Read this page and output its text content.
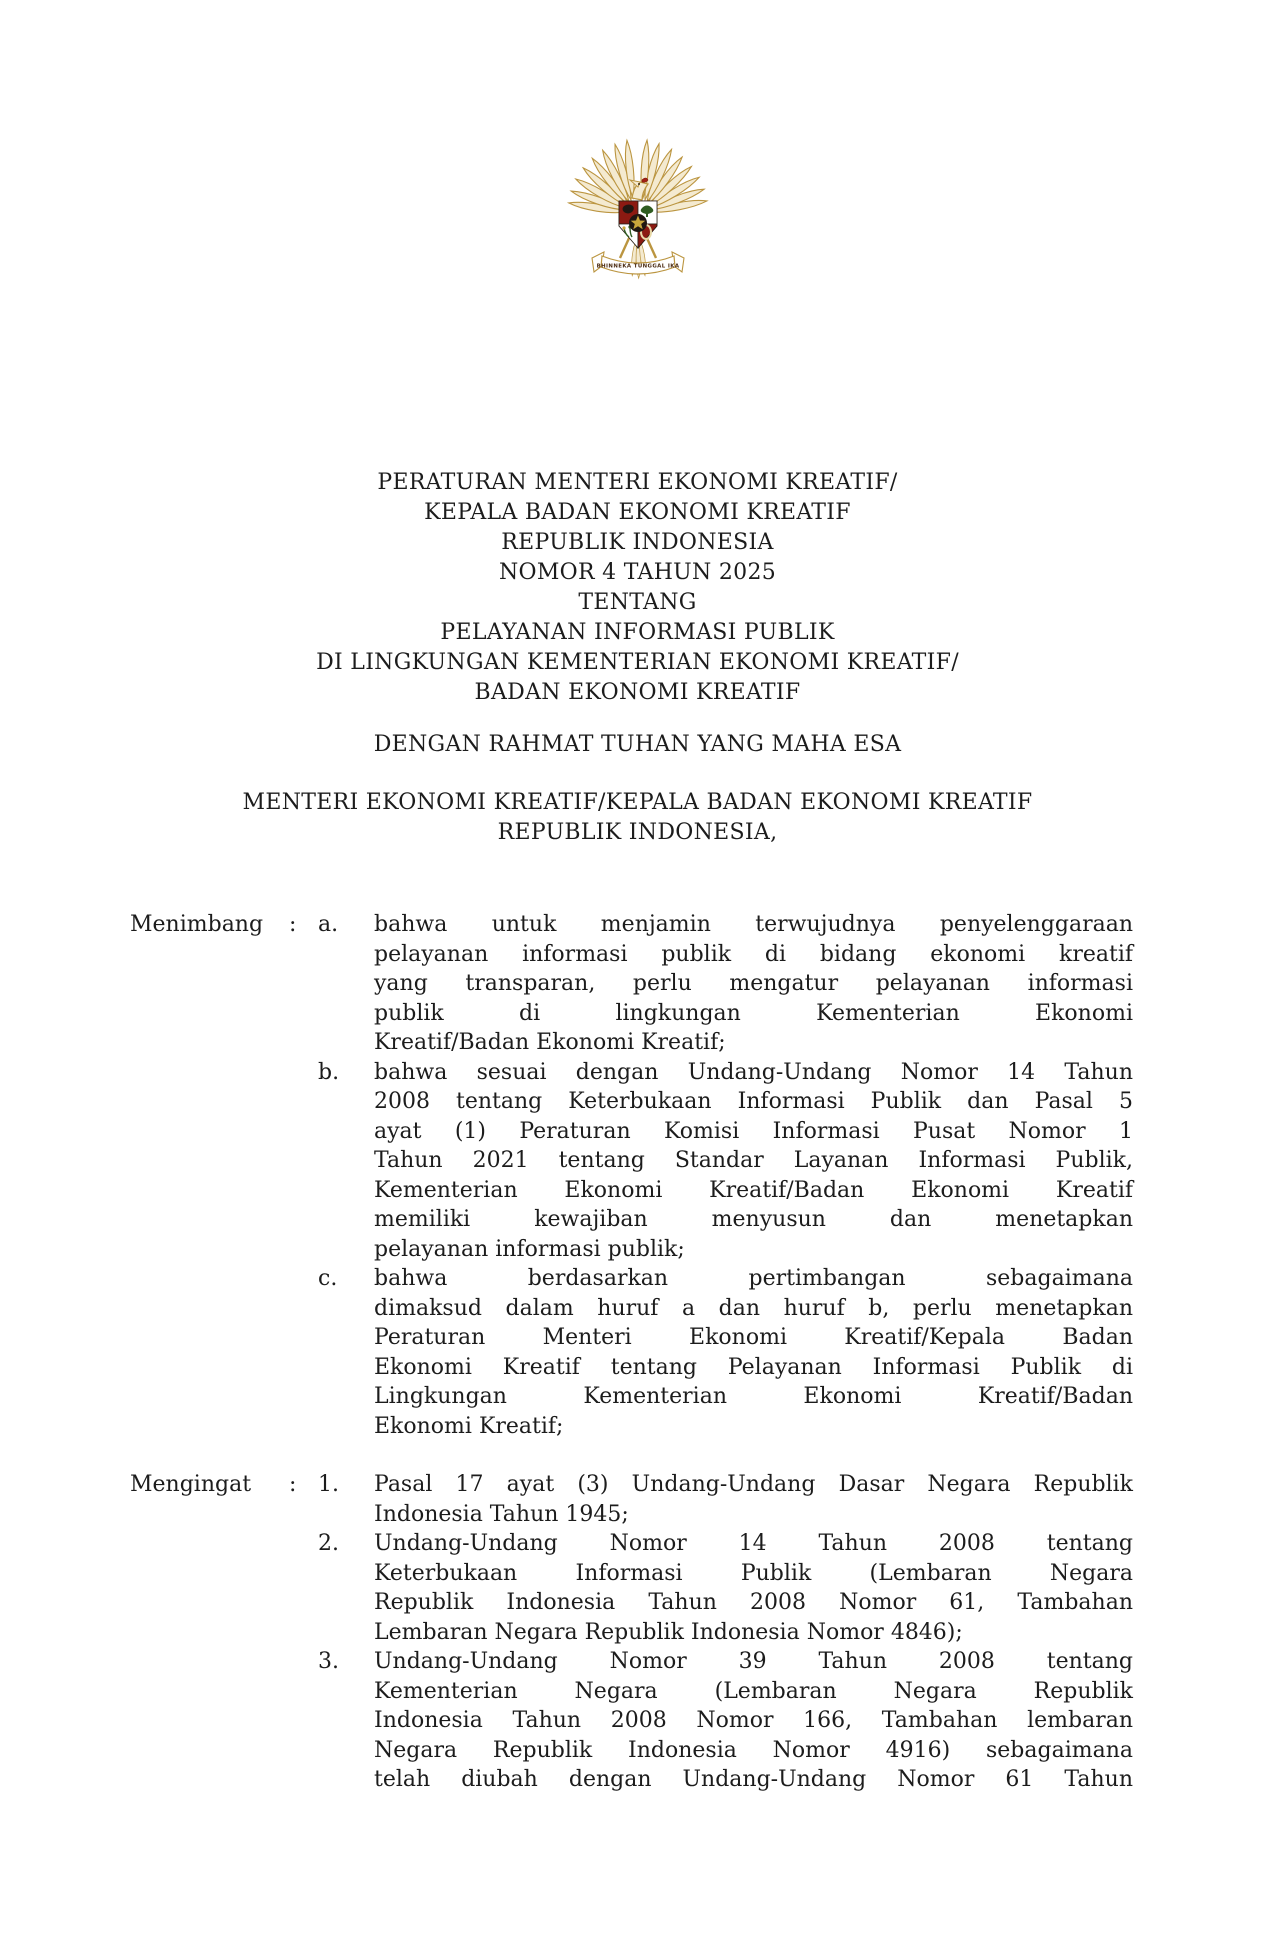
BHINNEKA TUNGGAL IKA
PERATURAN MENTERI EKONOMI KREATIF/
KEPALA BADAN EKONOMI KREATIF
REPUBLIK INDONESIA
NOMOR 4 TAHUN 2025
TENTANG
PELAYANAN INFORMASI PUBLIK
DI LINGKUNGAN KEMENTERIAN EKONOMI KREATIF/
BADAN EKONOMI KREATIF
DENGAN RAHMAT TUHAN YANG MAHA ESA
MENTERI EKONOMI KREATIF/KEPALA BADAN EKONOMI KREATIF
REPUBLIK INDONESIA,
Menimbang	: a.	bahwa untuk menjamin terwujudnya penyelenggaraan
pelayanan informasi publik di bidang ekonomi kreatif
yang transparan, perlu mengatur pelayanan informasi
publik di lingkungan Kementerian Ekonomi
Kreatif/Badan Ekonomi Kreatif;
b.	bahwa sesuai dengan Undang-Undang Nomor 14 Tahun
2008 tentang Keterbukaan Informasi Publik dan Pasal 5
ayat (1) Peraturan Komisi Informasi Pusat Nomor 1
Tahun 2021 tentang Standar Layanan Informasi Publik,
Kementerian Ekonomi Kreatif/Badan Ekonomi Kreatif
memiliki kewajiban menyusun dan menetapkan
pelayanan informasi publik;
c.	bahwa berdasarkan pertimbangan sebagaimana
dimaksud dalam huruf a dan huruf b, perlu menetapkan
Peraturan Menteri Ekonomi Kreatif/Kepala Badan
Ekonomi Kreatif tentang Pelayanan Informasi Publik di
Lingkungan Kementerian Ekonomi Kreatif/Badan
Ekonomi Kreatif;
Mengingat	: 1.	Pasal 17 ayat (3) Undang-Undang Dasar Negara Republik
Indonesia Tahun 1945;
2.	Undang-Undang Nomor 14 Tahun 2008 tentang
Keterbukaan Informasi Publik (Lembaran Negara
Republik Indonesia Tahun 2008 Nomor 61, Tambahan
Lembaran Negara Republik Indonesia Nomor 4846);
3.	Undang-Undang Nomor 39 Tahun 2008 tentang
Kementerian Negara (Lembaran Negara Republik
Indonesia Tahun 2008 Nomor 166, Tambahan lembaran
Negara Republik Indonesia Nomor 4916) sebagaimana
telah diubah dengan Undang-Undang Nomor 61 Tahun
